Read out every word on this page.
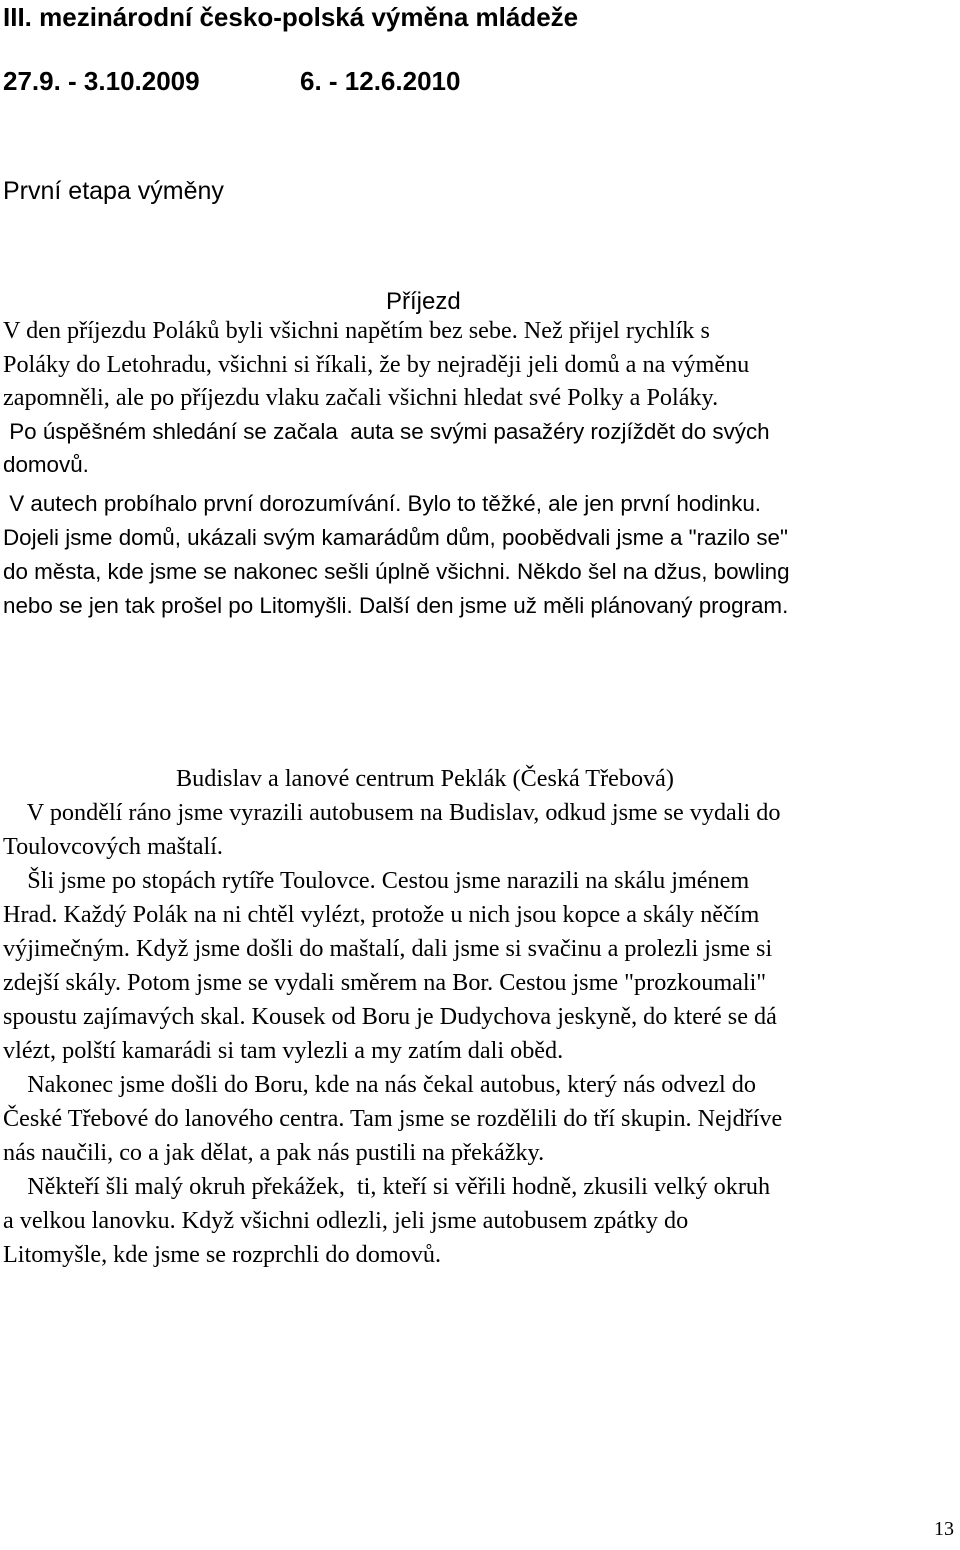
III. mezinárodní česko-polská výměna mládeže
27.9. - 3.10.2009	6. - 12.6.2010
První etapa výměny
Příjezd
V den příjezdu Poláků byli všichni napětím bez sebe. Než přijel rychlík s
Poláky do Letohradu, všichni si říkali, že by nejraději jeli domů a na výměnu
zapomněli, ale po příjezdu vlaku začali všichni hledat své Polky a Poláky.
Po úspěšném shledání se začala  auta se svými pasažéry rozjíždět do svých
domovů.
V autech probíhalo první dorozumívání. Bylo to těžké, ale jen první hodinku.
Dojeli jsme domů, ukázali svým kamarádům dům, poobědvali jsme a "razilo se"
do města, kde jsme se nakonec sešli úplně všichni. Někdo šel na džus, bowling
nebo se jen tak prošel po Litomyšli. Další den jsme už měli plánovaný program.
Budislav a lanové centrum Peklák (Česká Třebová)
V pondělí ráno jsme vyrazili autobusem na Budislav, odkud jsme se vydali do
Toulovcových maštalí.
Šli jsme po stopách rytíře Toulovce. Cestou jsme narazili na skálu jménem
Hrad. Každý Polák na ni chtěl vylézt, protože u nich jsou kopce a skály něčím
výjimečným. Když jsme došli do maštalí, dali jsme si svačinu a prolezli jsme si
zdejší skály. Potom jsme se vydali směrem na Bor. Cestou jsme "prozkoumali"
spoustu zajímavých skal. Kousek od Boru je Dudychova jeskyně, do které se dá
vlézt, polští kamarádi si tam vylezli a my zatím dali oběd.
Nakonec jsme došli do Boru, kde na nás čekal autobus, který nás odvezl do
České Třebové do lanového centra. Tam jsme se rozdělili do tří skupin. Nejdříve
nás naučili, co a jak dělat, a pak nás pustili na překážky.
Někteří šli malý okruh překážek,  ti, kteří si věřili hodně, zkusili velký okruh
a velkou lanovku. Když všichni odlezli, jeli jsme autobusem zpátky do
Litomyšle, kde jsme se rozprchli do domovů.
13
